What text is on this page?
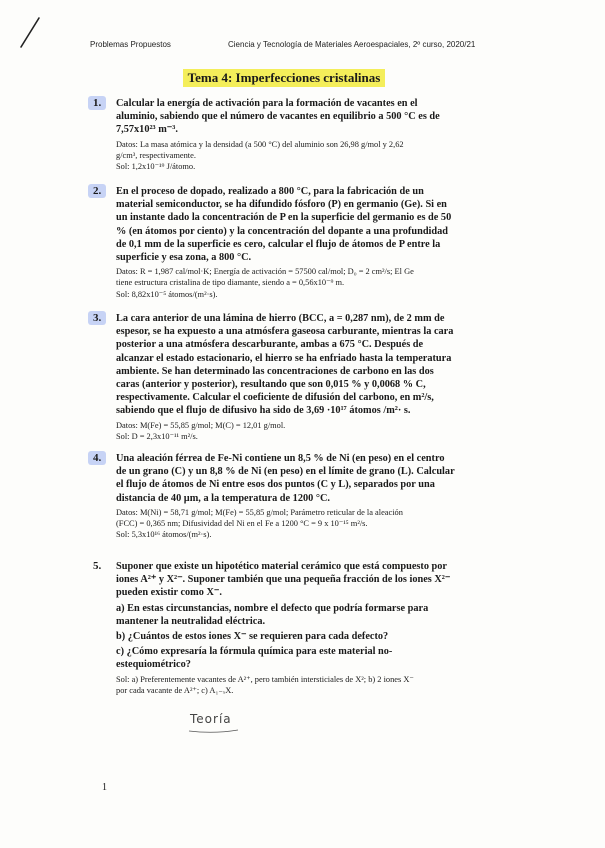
Problemas Propuestos	Ciencia y Tecnología de Materiales Aeroespaciales, 2º curso, 2020/21
Tema 4: Imperfecciones cristalinas
1.	Calcular la energía de activación para la formación de vacantes en el
aluminio, sabiendo que el número de vacantes en equilibrio a 500 °C es de
7,57x10²³ m⁻³.
Datos: La masa atómica y la densidad (a 500 °C) del aluminio son 26,98 g/mol y 2,62
g/cm³, respectivamente.
Sol: 1,2x10⁻¹⁹ J/átomo.
2.	En el proceso de dopado, realizado a 800 °C, para la fabricación de un
material semiconductor, se ha difundido fósforo (P) en germanio (Ge). Si en
un instante dado la concentración de P en la superficie del germanio es de 50
% (en átomos por ciento) y la concentración del dopante a una profundidad
de 0,1 mm de la superficie es cero, calcular el flujo de átomos de P entre la
superficie y esa zona, a 800 °C.
Datos: R = 1,987 cal/mol·K; Energía de activación = 57500 cal/mol; D₀ = 2 cm²/s; El Ge
tiene estructura cristalina de tipo diamante, siendo a = 0,56x10⁻⁹ m.
Sol: 8,82x10⁻⁵ átomos/(m²·s).
3.	La cara anterior de una lámina de hierro (BCC, a = 0,287 nm), de 2 mm de
espesor, se ha expuesto a una atmósfera gaseosa carburante, mientras la cara
posterior a una atmósfera descarburante, ambas a 675 °C. Después de
alcanzar el estado estacionario, el hierro se ha enfriado hasta la temperatura
ambiente. Se han determinado las concentraciones de carbono en las dos
caras (anterior y posterior), resultando que son 0,015 % y 0,0068 % C,
respectivamente. Calcular el coeficiente de difusión del carbono, en m²/s,
sabiendo que el flujo de difusivo ha sido de 3,69 ·10¹⁷ átomos /m²· s.
Datos: M(Fe) = 55,85 g/mol; M(C) = 12,01 g/mol.
Sol: D = 2,3x10⁻¹¹ m²/s.
4.	Una aleación férrea de Fe-Ni contiene un 8,5 % de Ni (en peso) en el centro
de un grano (C) y un 8,8 % de Ni (en peso) en el límite de grano (L). Calcular
el flujo de átomos de Ni entre esos dos puntos (C y L), separados por una
distancia de 40 µm, a la temperatura de 1200 °C.
Datos: M(Ni) = 58,71 g/mol; M(Fe) = 55,85 g/mol; Parámetro reticular de la aleación
(FCC) = 0,365 nm; Difusividad del Ni en el Fe a 1200 °C = 9 x 10⁻¹⁵ m²/s.
Sol: 5,3x10¹⁶ átomos/(m²·s).
5. Suponer que existe un hipotético material cerámico que está compuesto por
iones A²⁺ y X²⁻. Suponer también que una pequeña fracción de los iones X²⁻
pueden existir como X⁻.
a) En estas circunstancias, nombre el defecto que podría formarse para
mantener la neutralidad eléctrica.
b) ¿Cuántos de estos iones X⁻ se requieren para cada defecto?
c) ¿Cómo expresaría la fórmula química para este material no-
estequiométrico?
Sol: a) Preferentemente vacantes de A²⁺, pero también intersticiales de X²; b) 2 iones X⁻
por cada vacante de A²⁺; c) A₁₋ₓX.
Teoría
1
